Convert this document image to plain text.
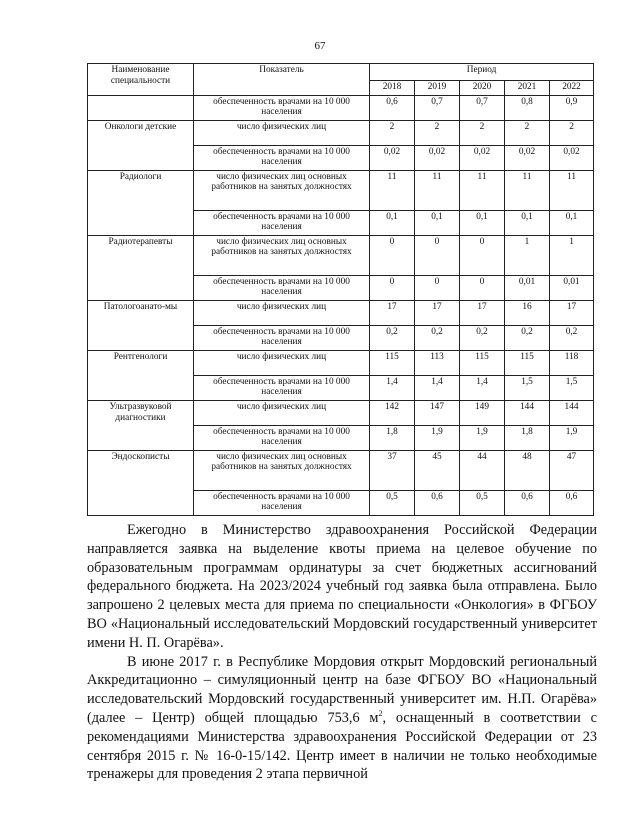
67
Наименование специальности	Показатель	Период				
		2018	2019	2020	2021	2022
	обеспеченность врачами на 10 000 населения	0,6	0,7	0,7	0,8	0,9
Онкологи детские	число физических лиц	2	2	2	2	2
	обеспеченность врачами на 10 000 населения	0,02	0,02	0,02	0,02	0,02
Радиологи	число физических лиц основных работников на занятых должностях	11	11	11	11	11
	обеспеченность врачами на 10 000 населения	0,1	0,1	0,1	0,1	0,1
Радиотерапевты	число физических лиц основных работников на занятых должностях	0	0	0	1	1
	обеспеченность врачами на 10 000 населения	0	0	0	0,01	0,01
Патологоанато-мы	число физических лиц	17	17	17	16	17
	обеспеченность врачами на 10 000 населения	0,2	0,2	0,2	0,2	0,2
Рентгенологи	число физических лиц	115	113	115	115	118
	обеспеченность врачами на 10 000 населения	1,4	1,4	1,4	1,5	1,5
Ультразвуковой диагностики	число физических лиц	142	147	149	144	144
	обеспеченность врачами на 10 000 населения	1,8	1,9	1,9	1,8	1,9
Эндоскописты	число физических лиц основных работников на занятых должностях	37	45	44	48	47
	обеспеченность врачами на 10 000 населения	0,5	0,6	0,5	0,6	0,6

Ежегодно в Министерство здравоохранения Российской Федерации направляется заявка на выделение квоты приема на целевое обучение по образовательным программам ординатуры за счет бюджетных ассигнований федерального бюджета. На 2023/2024 учебный год заявка была отправлена. Было запрошено 2 целевых места для приема по специальности «Онкология» в ФГБОУ ВО «Национальный исследовательский Мордовский государственный университет имени Н. П. Огарёва».

В июне 2017 г. в Республике Мордовия открыт Мордовский региональный Аккредитационно – симуляционный центр на базе ФГБОУ ВО «Национальный исследовательский Мордовский государственный университет им. Н.П. Огарёва» (далее – Центр) общей площадью 753,6 $м^2$, оснащенный в соответствии с рекомендациями Министерства здравоохранения Российской Федерации от 23 сентября 2015 г. № 16-0-15/142. Центр имеет в наличии не только необходимые тренажеры для проведения 2 этапа первичной
